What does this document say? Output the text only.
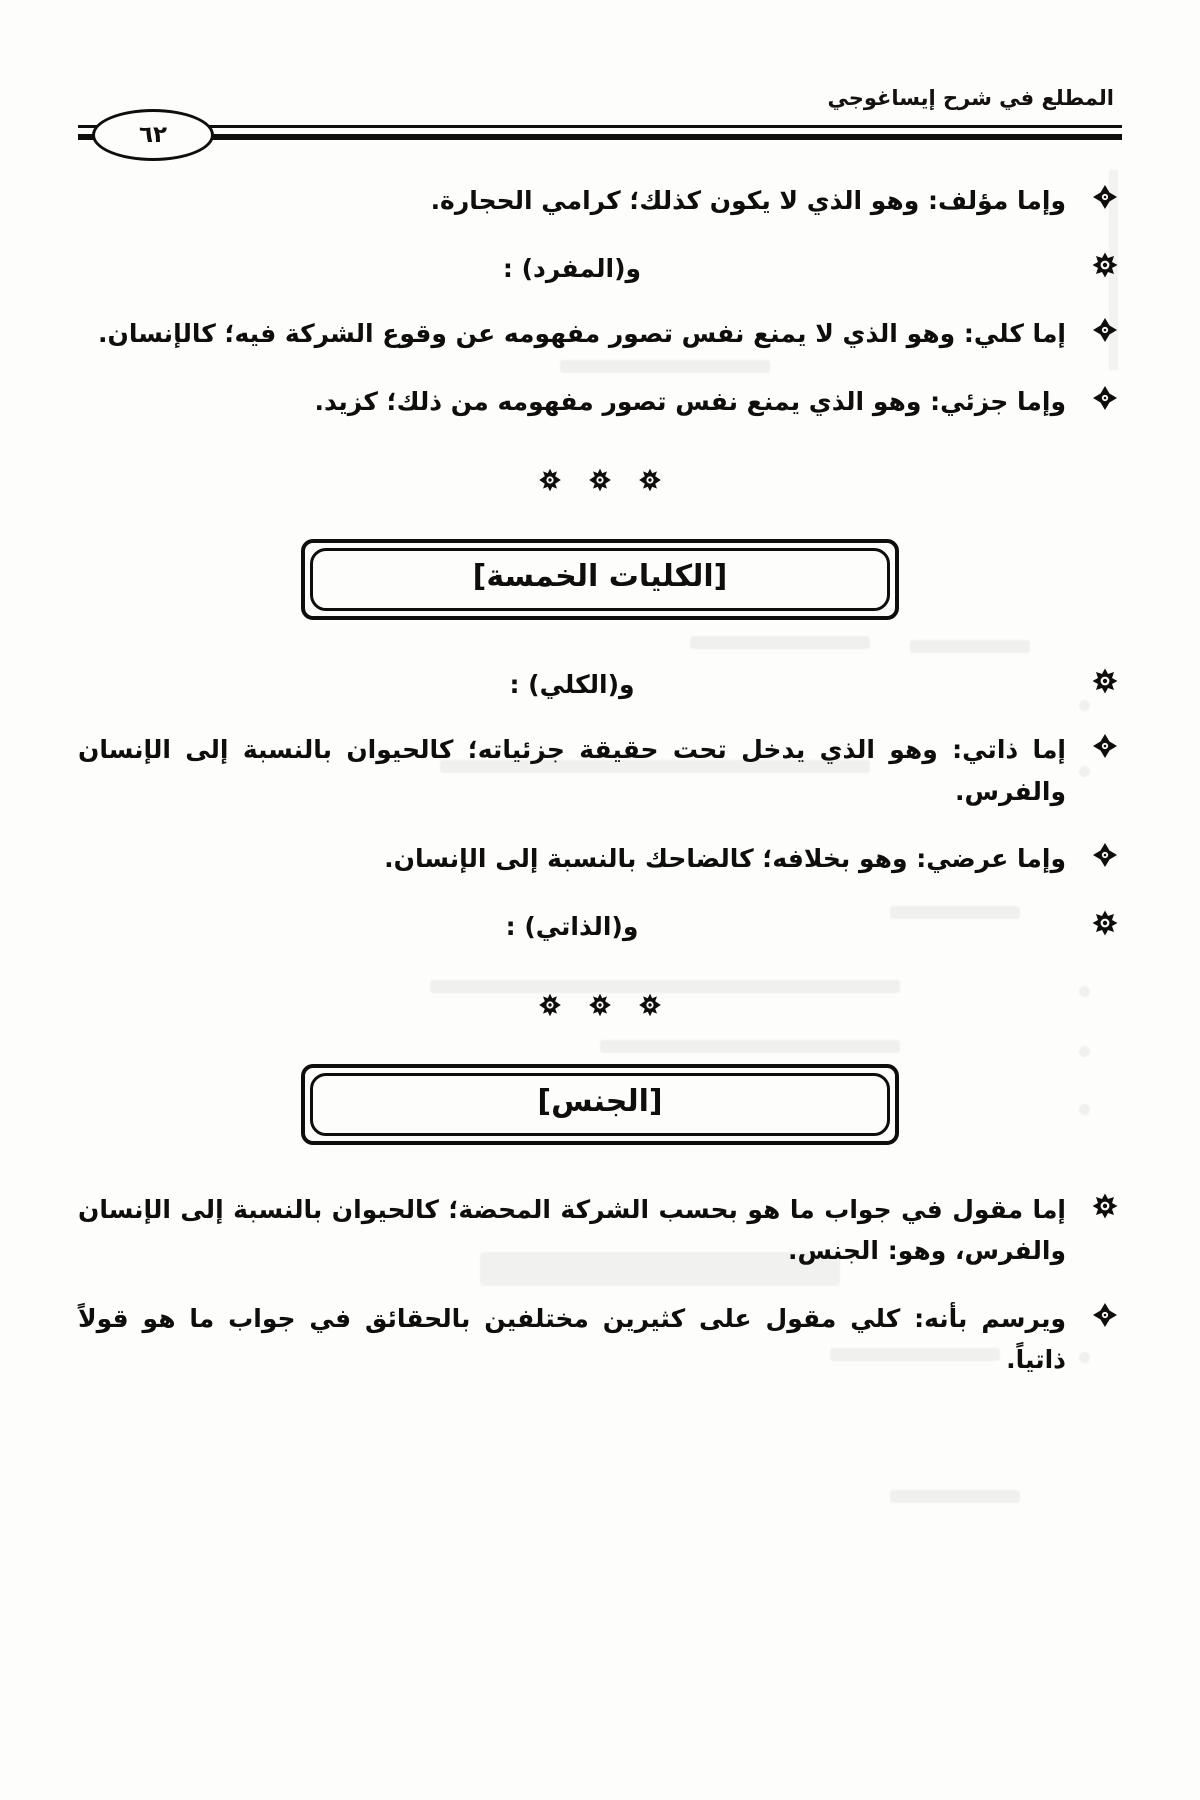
المطلع في شرح إيساغوجي
٦٢
وإما مؤلف: وهو الذي لا يكون كذلك؛ كرامي الحجارة.
و(المفرد) :
إما كلي: وهو الذي لا يمنع نفس تصور مفهومه عن وقوع الشركة فيه؛ كالإنسان.
وإما جزئي: وهو الذي يمنع نفس تصور مفهومه من ذلك؛ كزيد.
[الكليات الخمسة]
و(الكلي) :
إما ذاتي: وهو الذي يدخل تحت حقيقة جزئياته؛ كالحيوان بالنسبة إلى الإنسان والفرس.
وإما عرضي: وهو بخلافه؛ كالضاحك بالنسبة إلى الإنسان.
و(الذاتي) :
[الجنس]
إما مقول في جواب ما هو بحسب الشركة المحضة؛ كالحيوان بالنسبة إلى الإنسان والفرس، وهو: الجنس.
ويرسم بأنه: كلي مقول على كثيرين مختلفين بالحقائق في جواب ما هو قولاً ذاتياً.
